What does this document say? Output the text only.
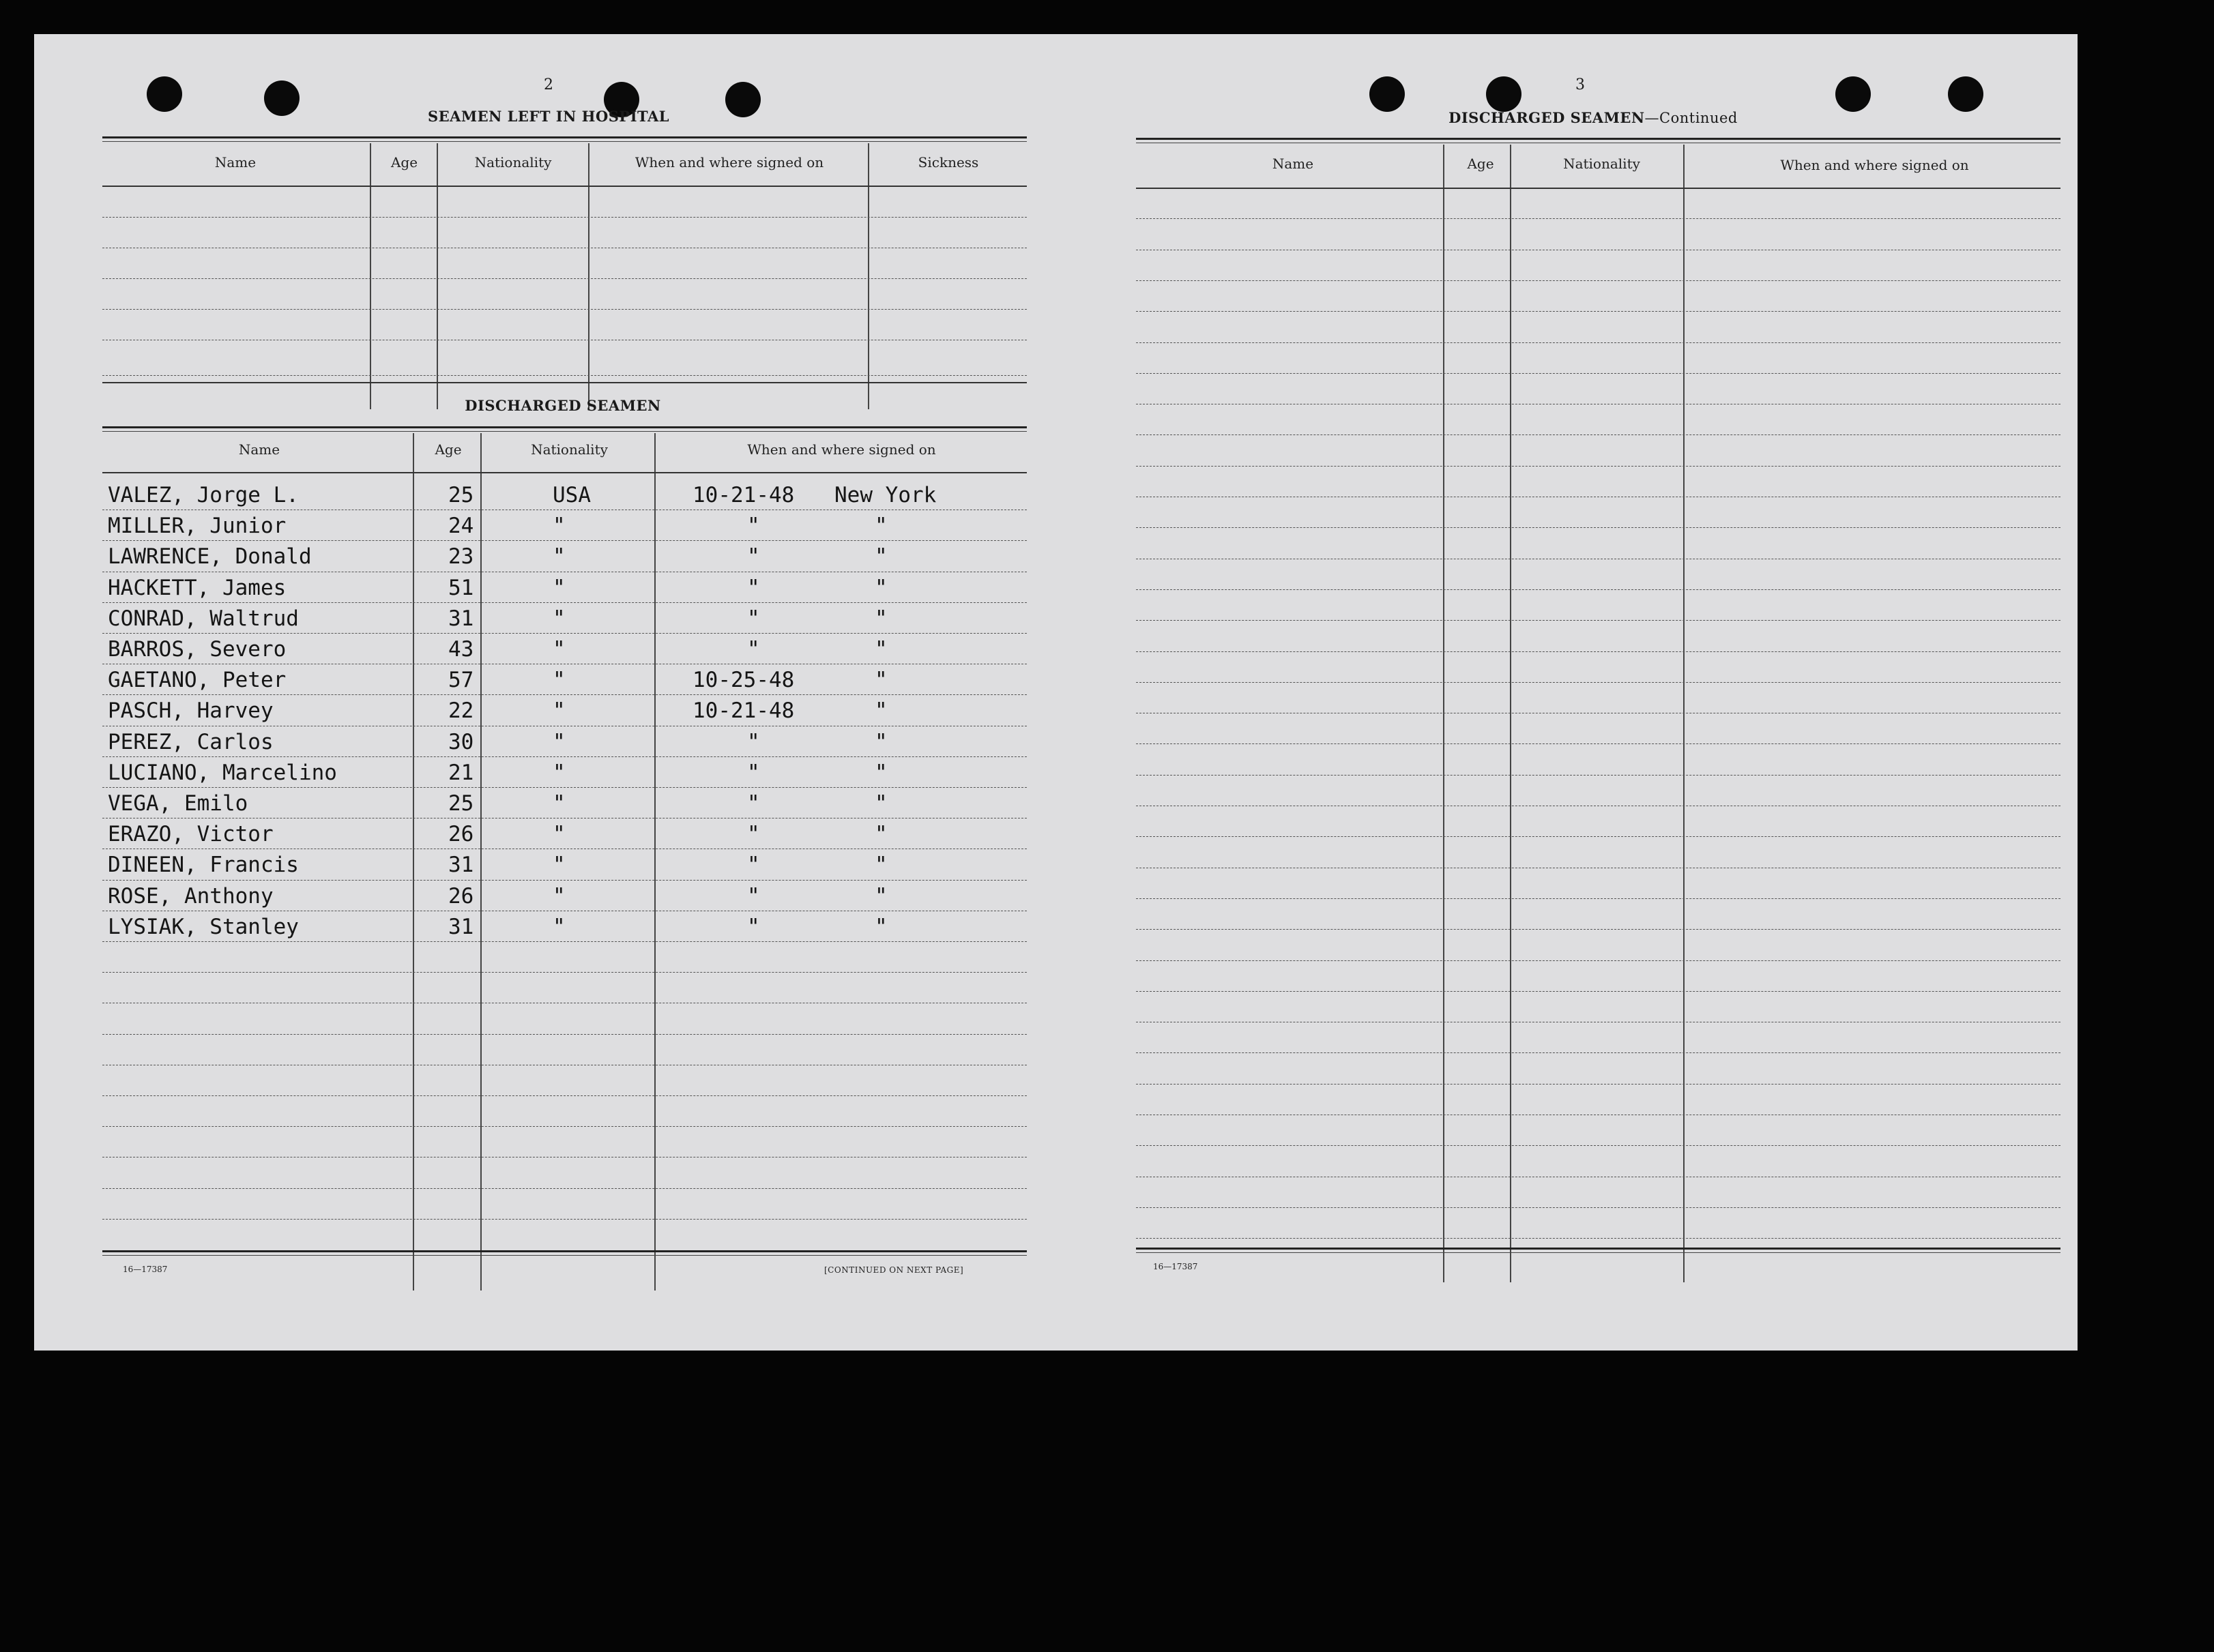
2
SEAMEN LEFT IN HOSPITAL
Name	Age	Nationality	When and where signed on	Sickness
DISCHARGED SEAMEN
Name	Age	Nationality	When and where signed on
VALEZ, Jorge L.	25	USA	10-21-48 New York
MILLER, Junior	24	"	"	"
LAWRENCE, Donald	23	"	"	"
HACKETT, James	51	"	"	"
CONRAD, Waltrud	31	"	"	"
BARROS, Severo	43	"	"	"
GAETANO, Peter	57	"	10-25-48	"
PASCH, Harvey	22	"	10-21-48	"
PEREZ, Carlos	30	"	"	"
LUCIANO, Marcelino	21	"	"	"
VEGA, Emilo	25	"	"	"
ERAZO, Victor	26	"	"	"
DINEEN, Francis	31	"	"	"
ROSE, Anthony	26	"	"	"
LYSIAK, Stanley	31	"	"	"
16—17387	[CONTINUED ON NEXT PAGE]
3
DISCHARGED SEAMEN—Continued
Name	Age	Nationality	When and where signed on
16—17387
